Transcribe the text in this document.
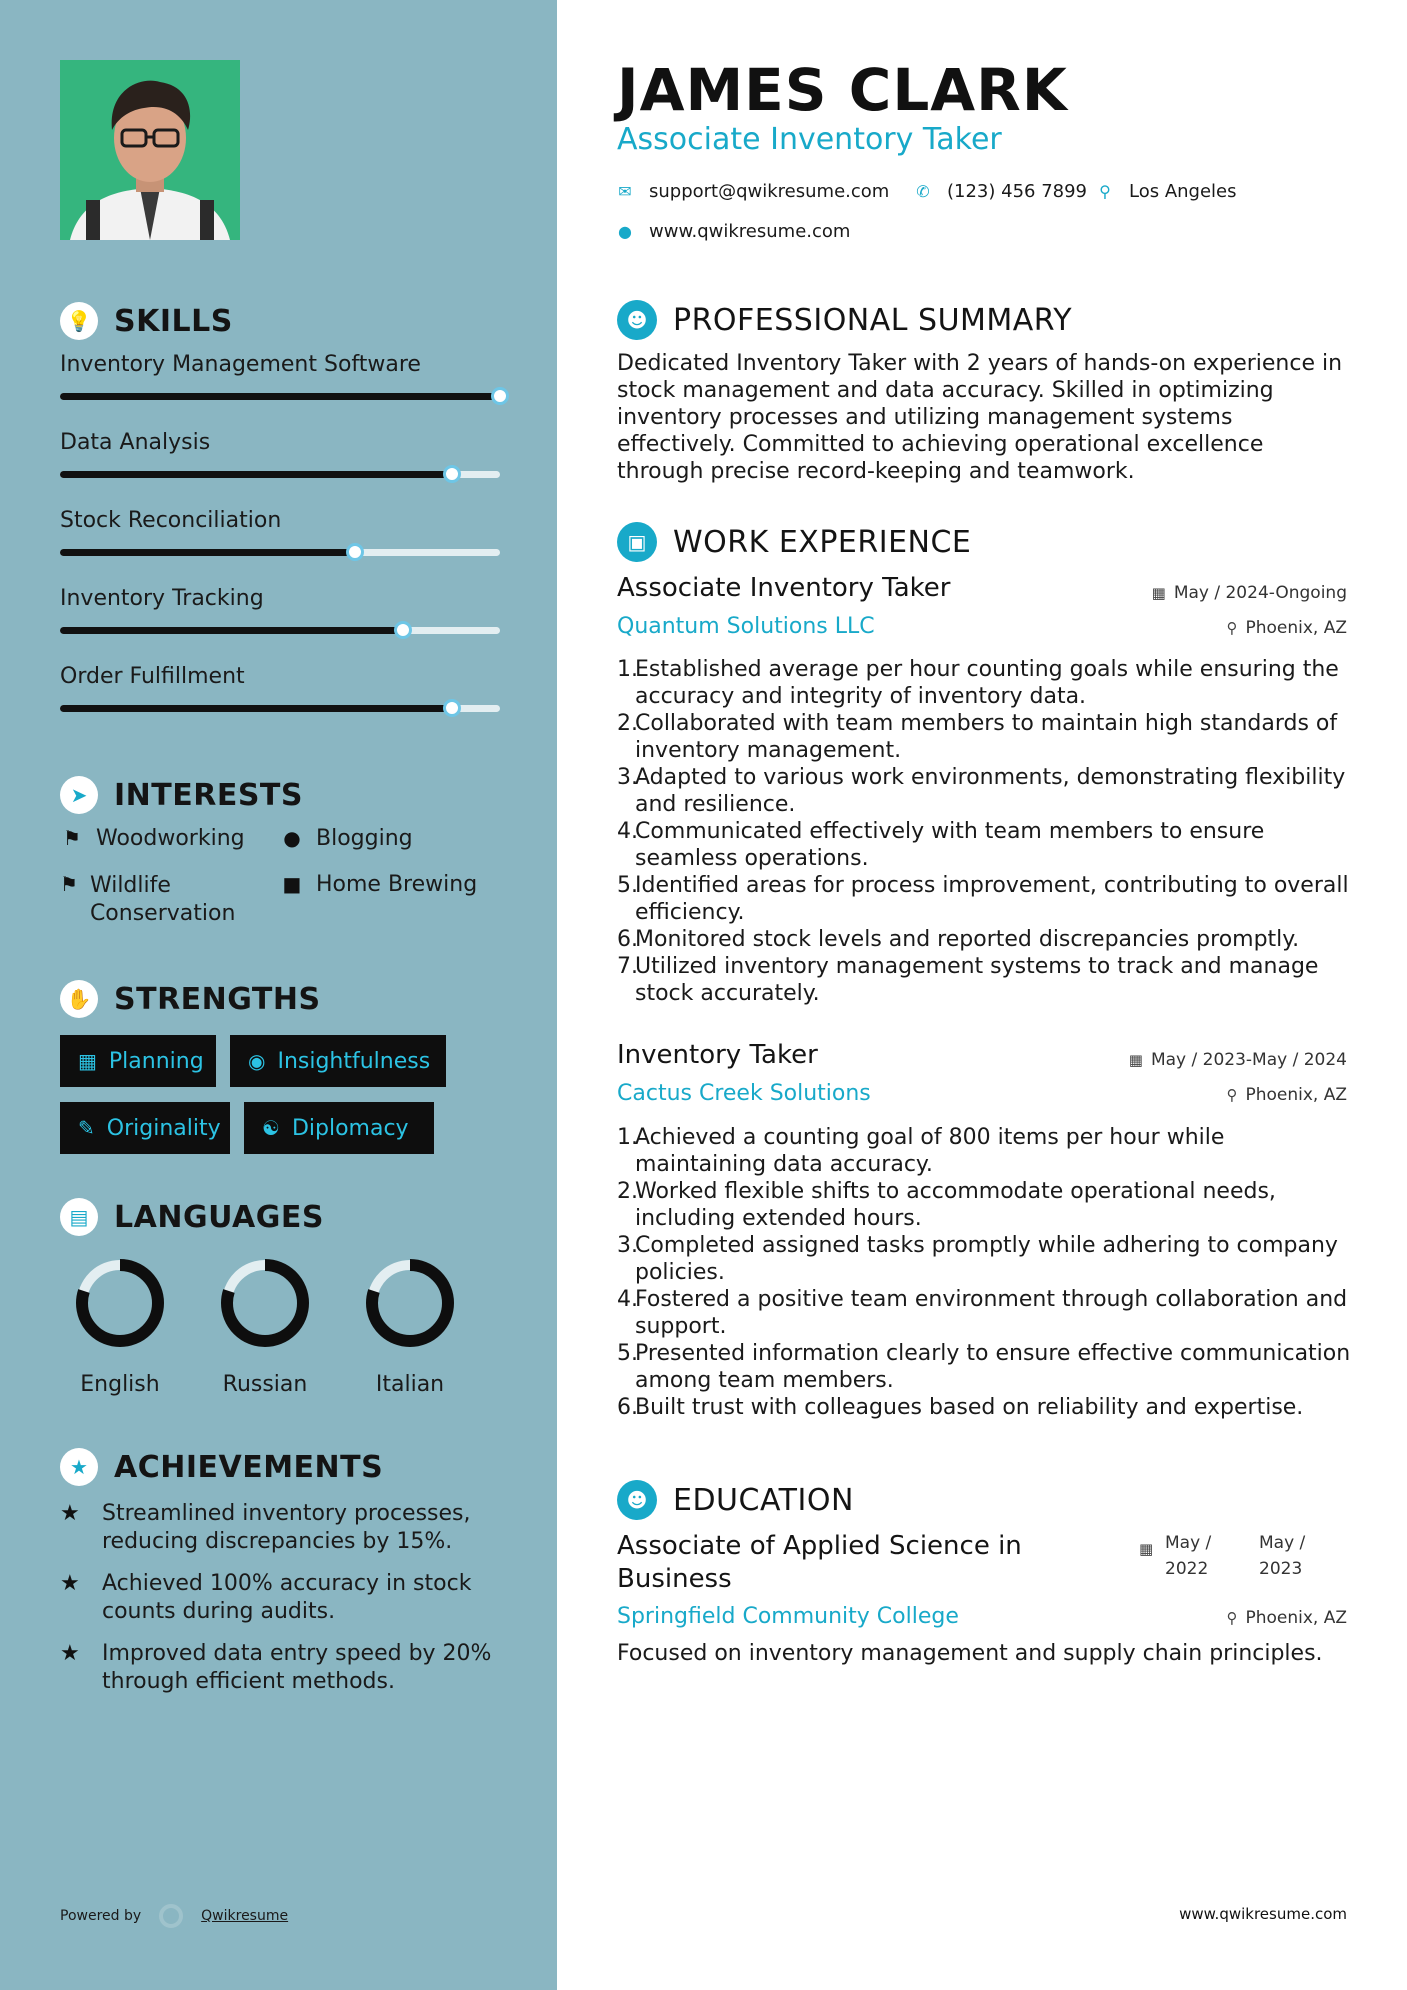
💡 SKILLS
Inventory Management Software
Data Analysis
Stock Reconciliation
Inventory Tracking
Order Fulfillment
➤ INTERESTS
⚑ Woodworking ● Blogging
⚑ Wildlife Conservation
■ Home Brewing
✋ STRENGTHS
▦ Planning ◉ Insightfulness
✎ Originality ☯ Diplomacy
▤ LANGUAGES
English	Russian	Italian
★ ACHIEVEMENTS
★	Streamlined inventory processes, reducing discrepancies by 15%.
★	Achieved 100% accuracy in stock counts during audits.
★	Improved data entry speed by 20% through efficient methods.
Powered by	Qwikresume
JAMES CLARK
Associate Inventory Taker
✉ support@qwikresume.com ✆ (123) 456 7899 ⚲ Los Angeles
● www.qwikresume.com
☻ PROFESSIONAL SUMMARY
Dedicated Inventory Taker with 2 years of hands-on experience in stock management and data accuracy. Skilled in optimizing inventory processes and utilizing management systems effectively. Committed to achieving operational excellence through precise record-keeping and teamwork.
▣ WORK EXPERIENCE
Associate Inventory Taker	▦ May / 2024-Ongoing
Quantum Solutions LLC	⚲ Phoenix, AZ
1.
Established average per hour counting goals while ensuring the accuracy and integrity of inventory data.
2.
Collaborated with team members to maintain high standards of inventory management.
3.
Adapted to various work environments, demonstrating flexibility and resilience.
4.
Communicated effectively with team members to ensure seamless operations.
5.
Identified areas for process improvement, contributing to overall efficiency.
6.
Monitored stock levels and reported discrepancies promptly.
7.
Utilized inventory management systems to track and manage stock accurately.
Inventory Taker	▦ May / 2023-May / 2024
Cactus Creek Solutions	⚲ Phoenix, AZ
1.
Achieved a counting goal of 800 items per hour while maintaining data accuracy.
2.
Worked flexible shifts to accommodate operational needs, including extended hours.
3.
Completed assigned tasks promptly while adhering to company policies.
4.
Fostered a positive team environment through collaboration and support.
5.
Presented information clearly to ensure effective communication among team members.
6.
Built trust with colleagues based on reliability and expertise.
☻ EDUCATION
Associate of Applied Science in Business
▦ May / 2022
May / 2023
Springfield Community College	⚲ Phoenix, AZ
Focused on inventory management and supply chain principles.
www.qwikresume.com
